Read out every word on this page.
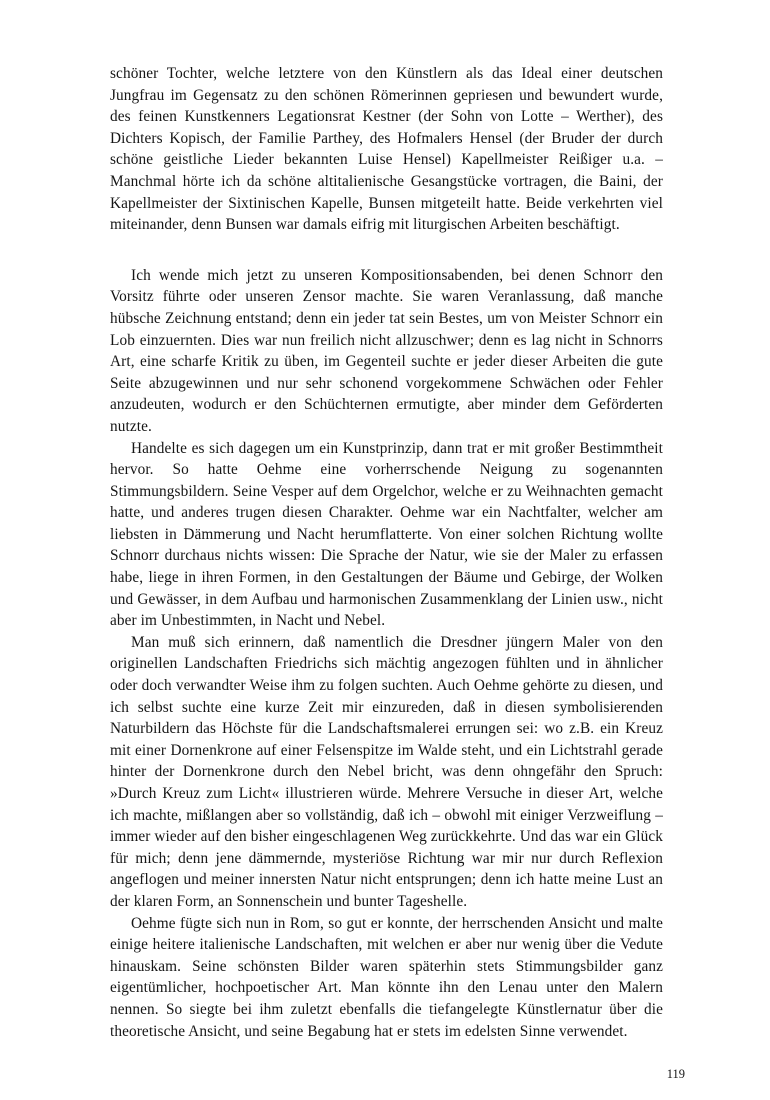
schöner Tochter, welche letztere von den Künstlern als das Ideal einer deutschen Jungfrau im Gegensatz zu den schönen Römerinnen gepriesen und bewundert wurde, des feinen Kunstkenners Legationsrat Kestner (der Sohn von Lotte – Werther), des Dichters Kopisch, der Familie Parthey, des Hofmalers Hensel (der Bruder der durch schöne geistliche Lieder bekannten Luise Hensel) Kapellmeister Reißiger u.a. – Manchmal hörte ich da schöne altitalienische Gesangstücke vortragen, die Baini, der Kapellmeister der Sixtinischen Kapelle, Bunsen mitgeteilt hatte. Beide verkehrten viel miteinander, denn Bunsen war damals eifrig mit liturgischen Arbeiten beschäftigt.

Ich wende mich jetzt zu unseren Kompositionsabenden, bei denen Schnorr den Vorsitz führte oder unseren Zensor machte. Sie waren Veranlassung, daß manche hübsche Zeichnung entstand; denn ein jeder tat sein Bestes, um von Meister Schnorr ein Lob einzuernten. Dies war nun freilich nicht allzuschwer; denn es lag nicht in Schnorrs Art, eine scharfe Kritik zu üben, im Gegenteil suchte er jeder dieser Arbeiten die gute Seite abzugewinnen und nur sehr schonend vorgekommene Schwächen oder Fehler anzudeuten, wodurch er den Schüchternen ermutigte, aber minder dem Geförderten nutzte.

Handelte es sich dagegen um ein Kunstprinzip, dann trat er mit großer Bestimmtheit hervor. So hatte Oehme eine vorherrschende Neigung zu sogenannten Stimmungsbildern. Seine Vesper auf dem Orgelchor, welche er zu Weihnachten gemacht hatte, und anderes trugen diesen Charakter. Oehme war ein Nachtfalter, welcher am liebsten in Dämmerung und Nacht herumflatterte. Von einer solchen Richtung wollte Schnorr durchaus nichts wissen: Die Sprache der Natur, wie sie der Maler zu erfassen habe, liege in ihren Formen, in den Gestaltungen der Bäume und Gebirge, der Wolken und Gewässer, in dem Aufbau und harmonischen Zusammenklang der Linien usw., nicht aber im Unbestimmten, in Nacht und Nebel.

Man muß sich erinnern, daß namentlich die Dresdner jüngern Maler von den originellen Landschaften Friedrichs sich mächtig angezogen fühlten und in ähnlicher oder doch verwandter Weise ihm zu folgen suchten. Auch Oehme gehörte zu diesen, und ich selbst suchte eine kurze Zeit mir einzureden, daß in diesen symbolisierenden Naturbildern das Höchste für die Landschaftsmalerei errungen sei: wo z.B. ein Kreuz mit einer Dornenkrone auf einer Felsenspitze im Walde steht, und ein Lichtstrahl gerade hinter der Dornenkrone durch den Nebel bricht, was denn ohngefähr den Spruch: »Durch Kreuz zum Licht« illustrieren würde. Mehrere Versuche in dieser Art, welche ich machte, mißlangen aber so vollständig, daß ich – obwohl mit einiger Verzweiflung – immer wieder auf den bisher eingeschlagenen Weg zurückkehrte. Und das war ein Glück für mich; denn jene dämmernde, mysteriöse Richtung war mir nur durch Reflexion angeflogen und meiner innersten Natur nicht entsprungen; denn ich hatte meine Lust an der klaren Form, an Sonnenschein und bunter Tageshelle.

Oehme fügte sich nun in Rom, so gut er konnte, der herrschenden Ansicht und malte einige heitere italienische Landschaften, mit welchen er aber nur wenig über die Vedute hinauskam. Seine schönsten Bilder waren späterhin stets Stimmungsbilder ganz eigentümlicher, hochpoetischer Art. Man könnte ihn den Lenau unter den Malern nennen. So siegte bei ihm zuletzt ebenfalls die tiefangelegte Künstlernatur über die theoretische Ansicht, und seine Begabung hat er stets im edelsten Sinne verwendet.

119
